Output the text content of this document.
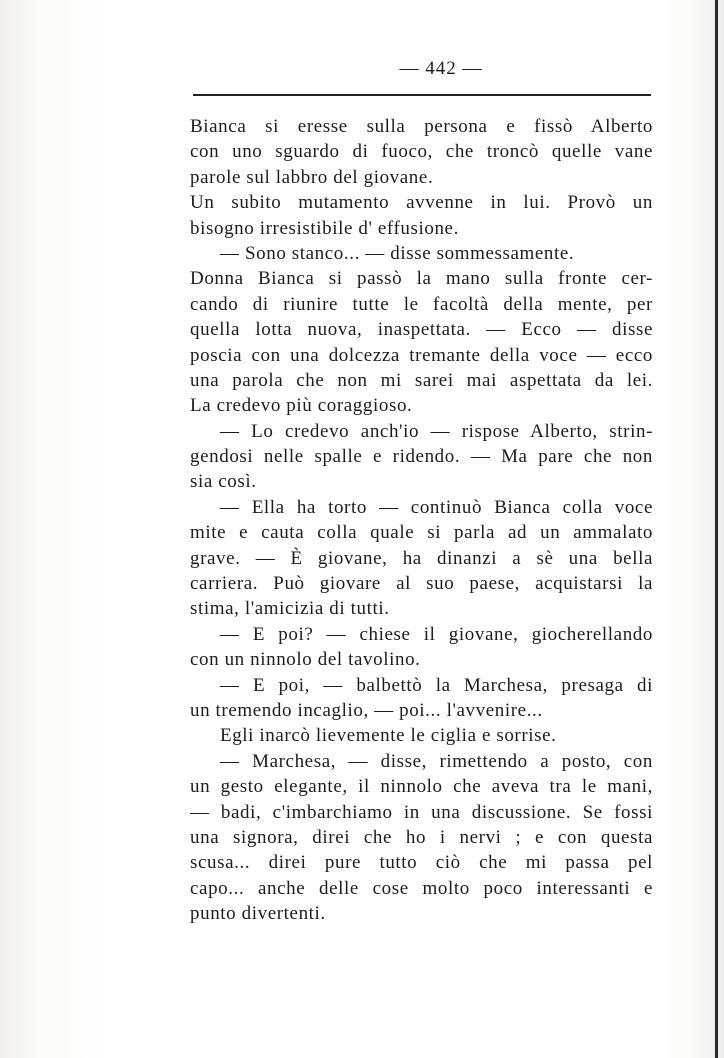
— 442 —
Bianca si eresse sulla persona e fissò Alberto
con uno sguardo di fuoco, che troncò quelle vane
parole sul labbro del giovane.
Un subito mutamento avvenne in lui. Provò un
bisogno irresistibile d' effusione.
— Sono stanco... — disse sommessamente.
Donna Bianca si passò la mano sulla fronte cer-
cando di riunire tutte le facoltà della mente, per
quella lotta nuova, inaspettata. — Ecco — disse
poscia con una dolcezza tremante della voce — ecco
una parola che non mi sarei mai aspettata da lei.
La credevo più coraggioso.
— Lo credevo anch'io — rispose Alberto, strin-
gendosi nelle spalle e ridendo. — Ma pare che non
sia così.
— Ella ha torto — continuò Bianca colla voce
mite e cauta colla quale si parla ad un ammalato
grave. — È giovane, ha dinanzi a sè una bella
carriera. Può giovare al suo paese, acquistarsi la
stima, l'amicizia di tutti.
— E poi? — chiese il giovane, giocherellando
con un ninnolo del tavolino.
— E poi, — balbettò la Marchesa, presaga di
un tremendo incaglio, — poi... l'avvenire...
Egli inarcò lievemente le ciglia e sorrise.
— Marchesa, — disse, rimettendo a posto, con
un gesto elegante, il ninnolo che aveva tra le mani,
— badi, c'imbarchiamo in una discussione. Se fossi
una signora, direi che ho i nervi ; e con questa
scusa... direi pure tutto ciò che mi passa pel
capo... anche delle cose molto poco interessanti e
punto divertenti.
